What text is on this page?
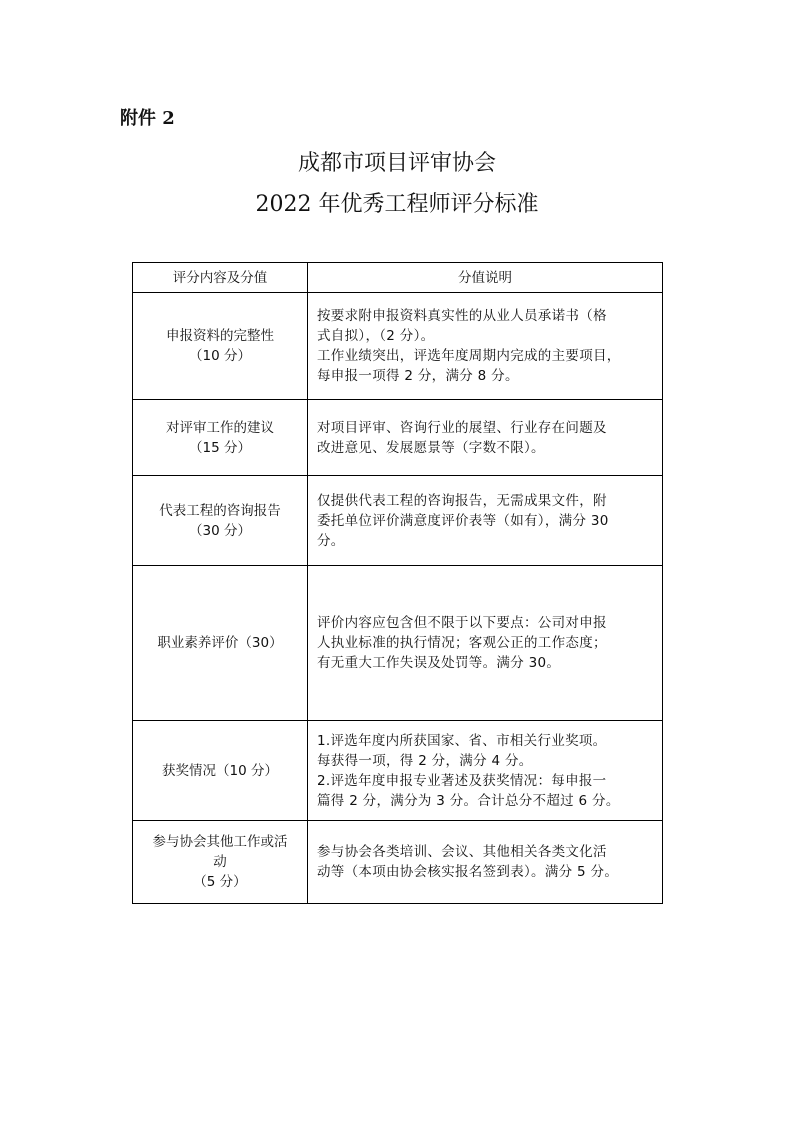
附件 2
成都市项目评审协会
2022 年优秀工程师评分标准
评分内容及分值	分值说明

申报资料的完整性
（10 分）	按要求附申报资料真实性的从业人员承诺书（格
式自拟），（2 分）。
工作业绩突出，评选年度周期内完成的主要项目，
每申报一项得 2 分，满分 8 分。

对评审工作的建议
（15 分）	对项目评审、咨询行业的展望、行业存在问题及
改进意见、发展愿景等（字数不限）。

代表工程的咨询报告
（30 分）	仅提供代表工程的咨询报告，无需成果文件，附
委托单位评价满意度评价表等（如有），满分 30
分。

职业素养评价（30）	评价内容应包含但不限于以下要点：公司对申报
人执业标准的执行情况；客观公正的工作态度；
有无重大工作失误及处罚等。满分 30。

获奖情况（10 分）	1.评选年度内所获国家、省、市相关行业奖项。
每获得一项，得 2 分，满分 4 分。
2.评选年度申报专业著述及获奖情况：每申报一
篇得 2 分，满分为 3 分。合计总分不超过 6 分。

参与协会其他工作或活
动
（5 分）	参与协会各类培训、会议、其他相关各类文化活
动等（本项由协会核实报名签到表）。满分 5 分。
